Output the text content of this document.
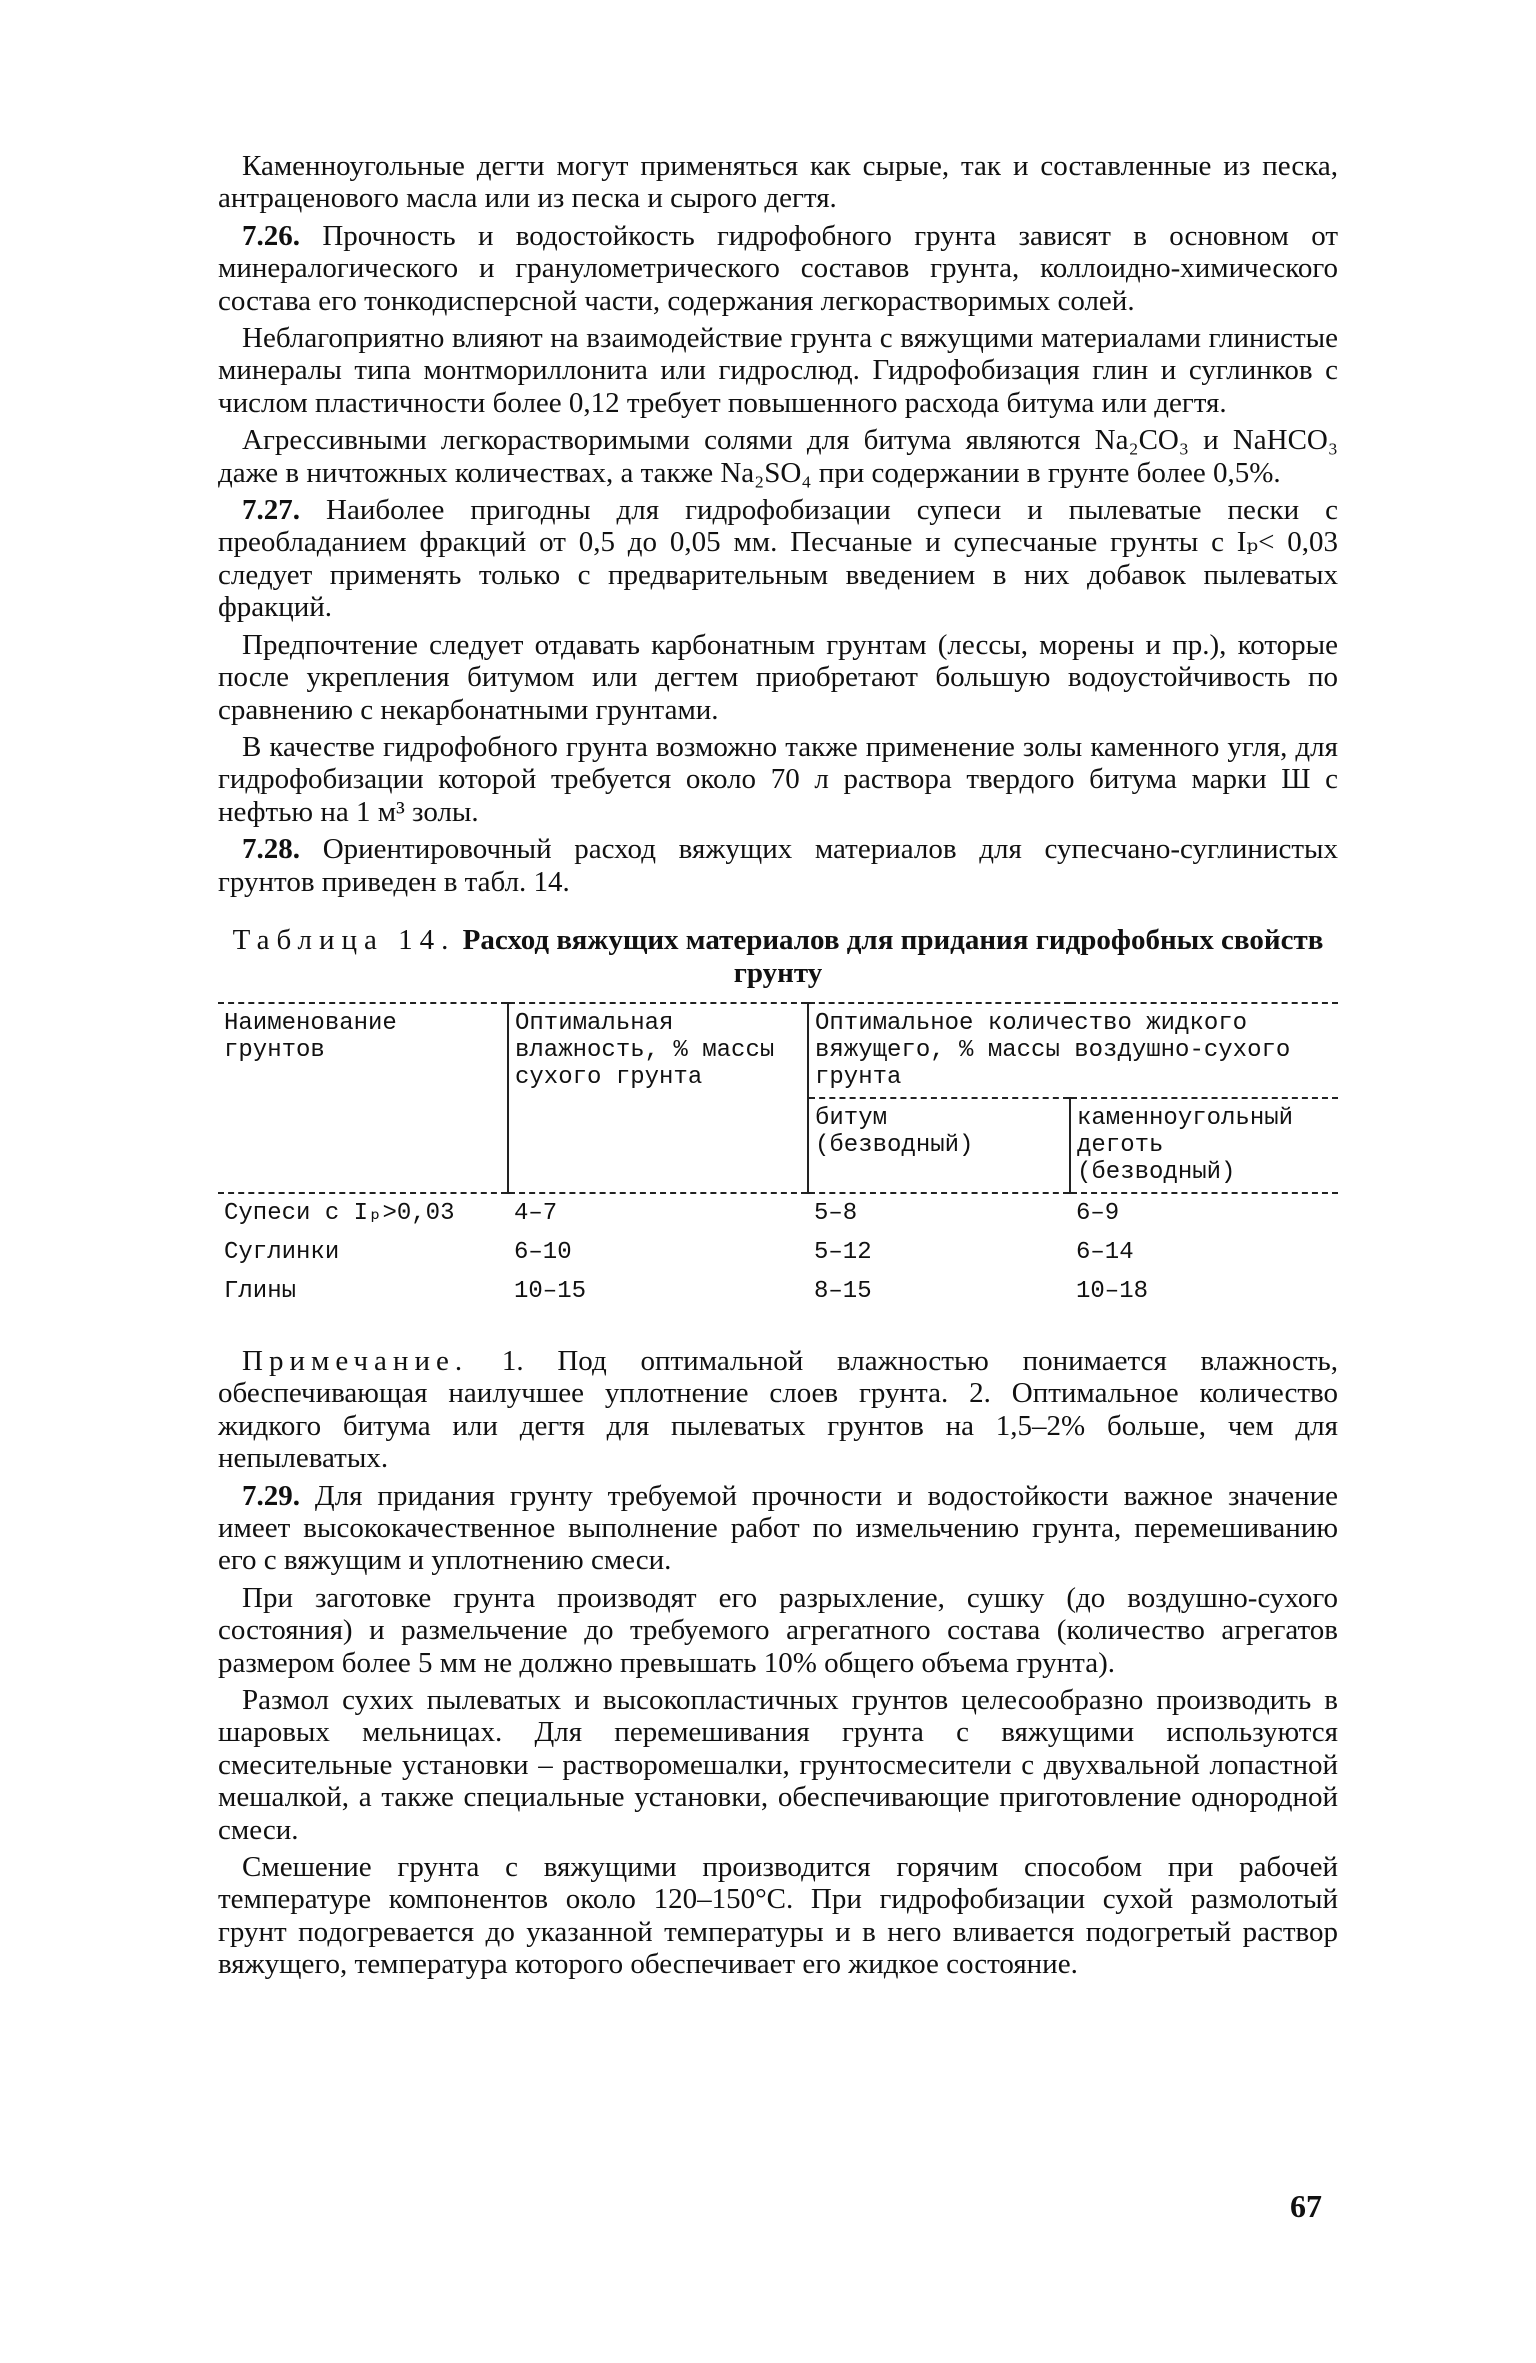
Каменноугольные дегти могут применяться как сырые, так и составленные из песка, антраценового масла или из песка и сырого дегтя.

7.26. Прочность и водостойкость гидрофобного грунта зависят в основном от минералогического и гранулометрического составов грунта, коллоидно-химического состава его тонкодисперсной части, содержания легкорастворимых солей.

Неблагоприятно влияют на взаимодействие грунта с вяжущими материалами глинистые минералы типа монтмориллонита или гидрослюд. Гидрофобизация глин и суглинков с числом пластичности более 0,12 требует повышенного расхода битума или дегтя.

Агрессивными легкорастворимыми солями для битума являются Na₂CO₃ и NaHCO₃ даже в ничтожных количествах, а также Na₂SO₄ при содержании в грунте более 0,5%.

7.27. Наиболее пригодны для гидрофобизации супеси и пылеватые пески с преобладанием фракций от 0,5 до 0,05 мм. Песчаные и супесчаные грунты с Iₚ< 0,03 следует применять только с предварительным введением в них добавок пылеватых фракций.

Предпочтение следует отдавать карбонатным грунтам (лессы, морены и пр.), которые после укрепления битумом или дегтем приобретают большую водоустойчивость по сравнению с некарбонатными грунтами.

В качестве гидрофобного грунта возможно также применение золы каменного угля, для гидрофобизации которой требуется около 70 л раствора твердого битума марки Ш с нефтью на 1 м³ золы.

7.28. Ориентировочный расход вяжущих материалов для супесчано-суглинистых грунтов приведен в табл. 14.

Таблица 14. Расход вяжущих материалов для придания гидрофобных свойств грунту
Наименование грунтов	Оптимальная влажность, % массы сухого грунта	Оптимальное количество жидкого вяжущего, % массы воздушно-сухого грунта	
		битум (безводный)	каменноугольный деготь (безводный)
Супеси с Iₚ>0,03	4–7	5–8	6–9
Суглинки	6–10	5–12	6–14
Глины	10–15	8–15	10–18

Примечание. 1. Под оптимальной влажностью понимается влажность, обеспечивающая наилучшее уплотнение слоев грунта. 2. Оптимальное количество жидкого битума или дегтя для пылеватых грунтов на 1,5–2% больше, чем для непылеватых.

7.29. Для придания грунту требуемой прочности и водостойкости важное значение имеет высококачественное выполнение работ по измельчению грунта, перемешиванию его с вяжущим и уплотнению смеси.

При заготовке грунта производят его разрыхление, сушку (до воздушно-сухого состояния) и размельчение до требуемого агрегатного состава (количество агрегатов размером более 5 мм не должно превышать 10% общего объема грунта).

Размол сухих пылеватых и высокопластичных грунтов целесообразно производить в шаровых мельницах. Для перемешивания грунта с вяжущими используются смесительные установки – растворомешалки, грунтосмесители с двухвальной лопастной мешалкой, а также специальные установки, обеспечивающие приготовление однородной смеси.

Смешение грунта с вяжущими производится горячим способом при рабочей температуре компонентов около 120–150°C. При гидрофобизации сухой размолотый грунт подогревается до указанной температуры и в него вливается подогретый раствор вяжущего, температура которого обеспечивает его жидкое состояние.

67
